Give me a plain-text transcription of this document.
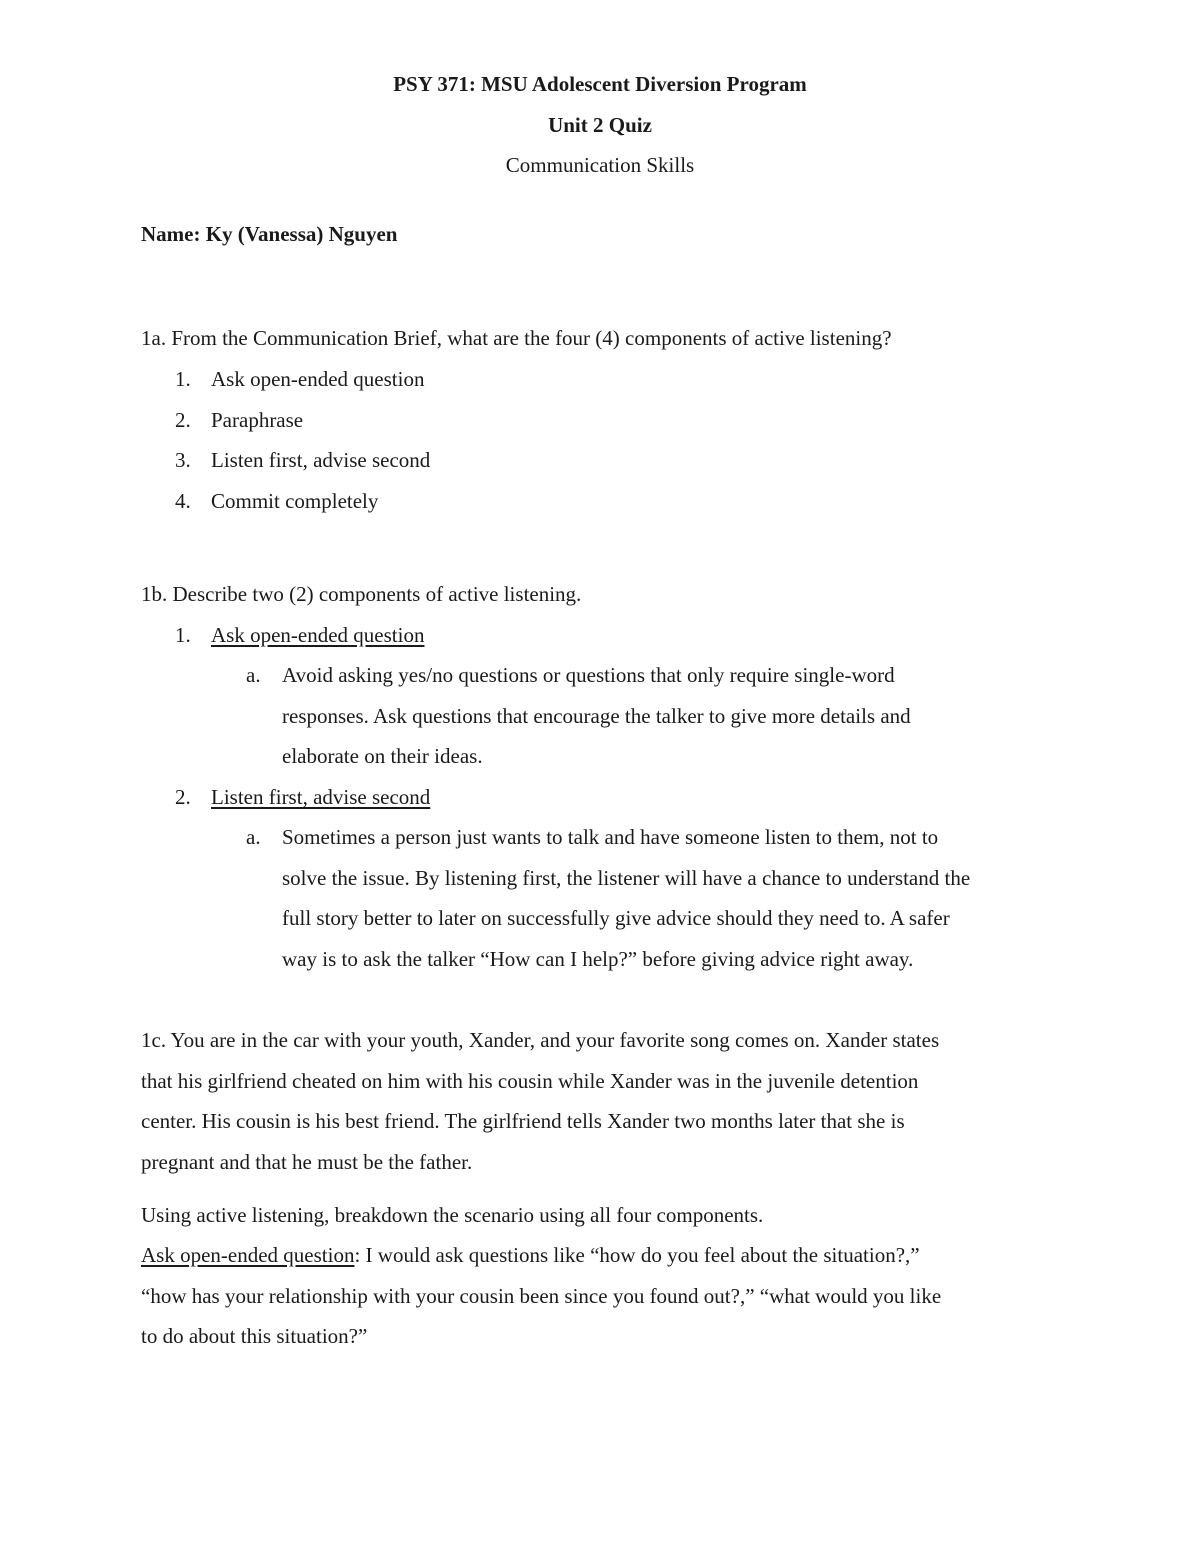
PSY 371: MSU Adolescent Diversion Program
Unit 2 Quiz
Communication Skills
Name: Ky (Vanessa) Nguyen
1a. From the Communication Brief, what are the four (4) components of active listening?
1. Ask open-ended question
2. Paraphrase
3. Listen first, advise second
4. Commit completely
1b. Describe two (2) components of active listening.
1. Ask open-ended question
a. Avoid asking yes/no questions or questions that only require single-word
responses. Ask questions that encourage the talker to give more details and
elaborate on their ideas.
2. Listen first, advise second
a. Sometimes a person just wants to talk and have someone listen to them, not to
solve the issue. By listening first, the listener will have a chance to understand the
full story better to later on successfully give advice should they need to. A safer
way is to ask the talker “How can I help?” before giving advice right away.
1c. You are in the car with your youth, Xander, and your favorite song comes on. Xander states
that his girlfriend cheated on him with his cousin while Xander was in the juvenile detention
center. His cousin is his best friend. The girlfriend tells Xander two months later that she is
pregnant and that he must be the father.
Using active listening, breakdown the scenario using all four components.
Ask open-ended question: I would ask questions like “how do you feel about the situation?,”
“how has your relationship with your cousin been since you found out?,” “what would you like
to do about this situation?”
